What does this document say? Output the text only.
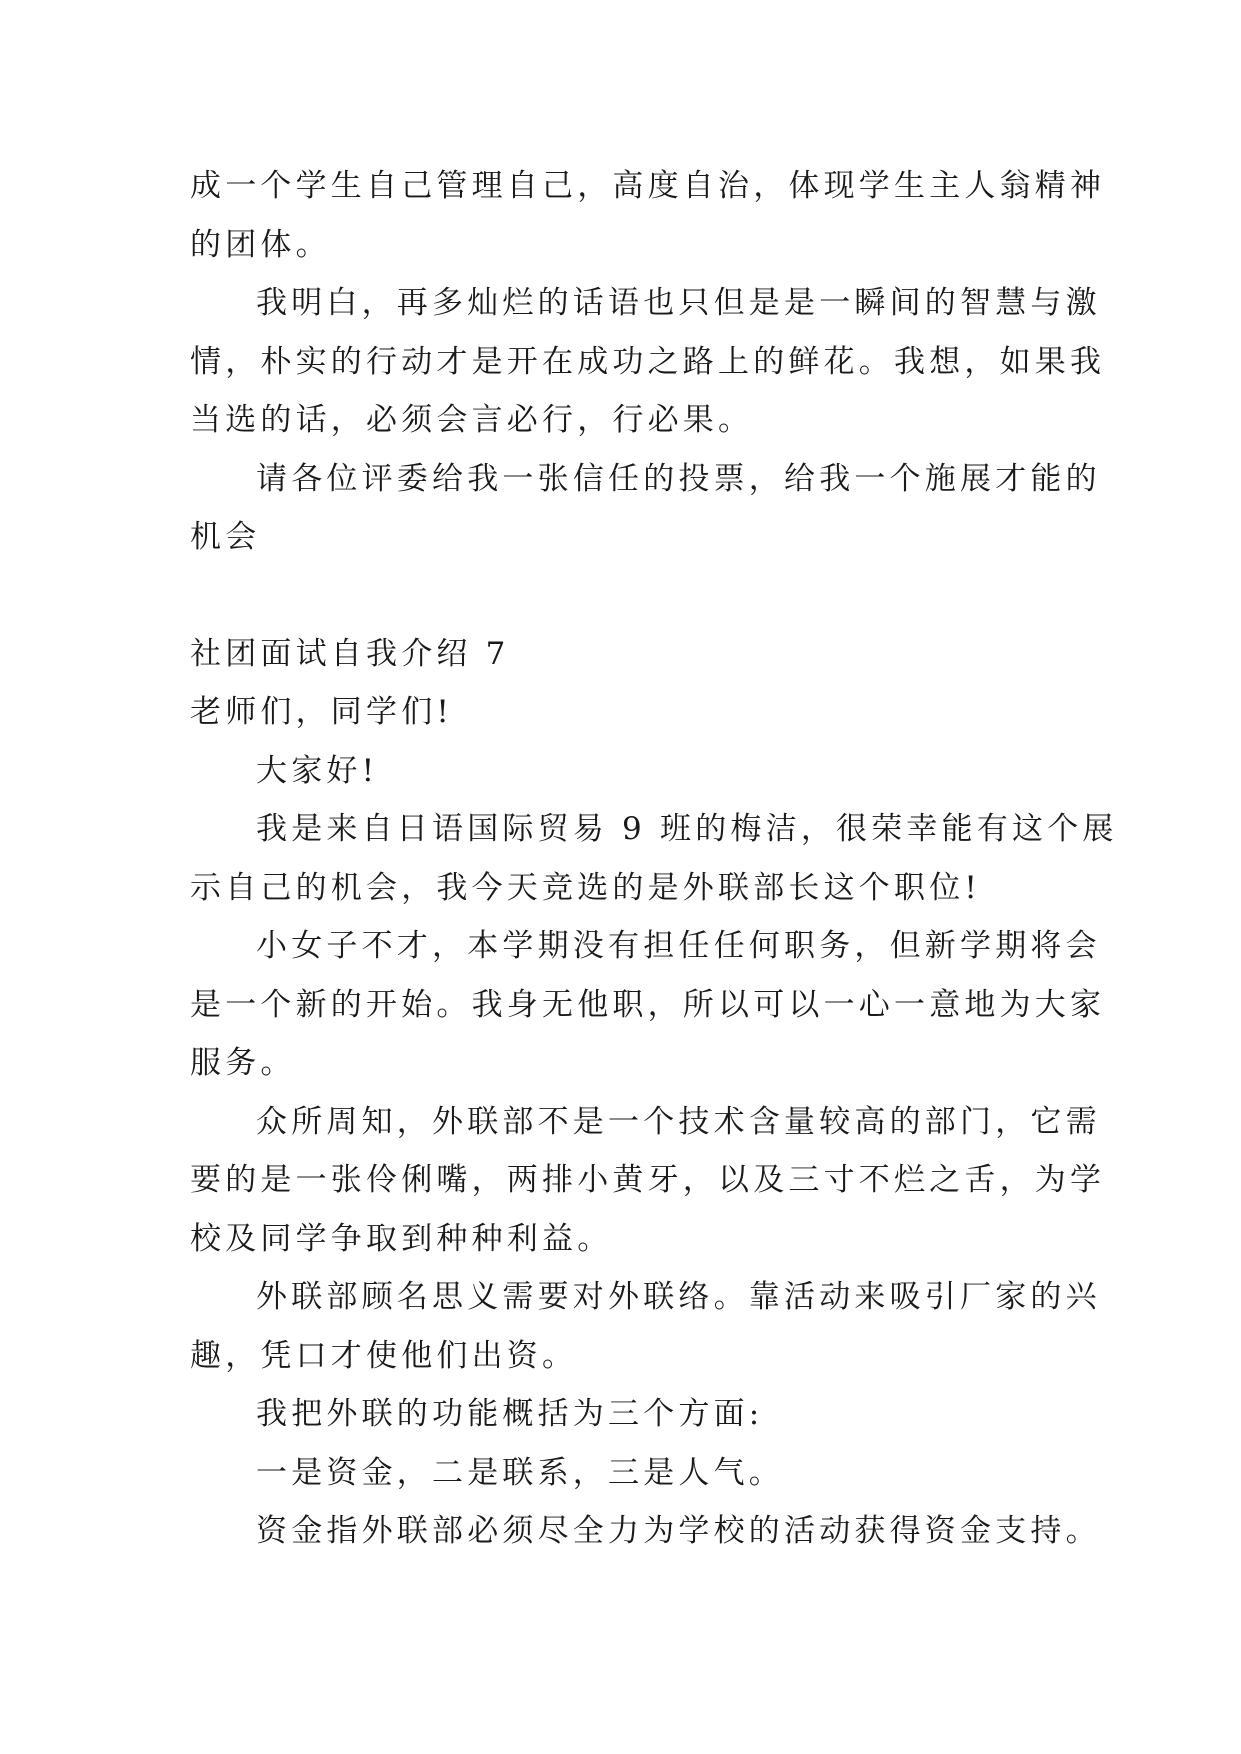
成一个学生自己管理自己，高度自治，体现学生主人翁精神
的团体。
我明白，再多灿烂的话语也只但是是一瞬间的智慧与激
情，朴实的行动才是开在成功之路上的鲜花。我想，如果我
当选的话，必须会言必行，行必果。
请各位评委给我一张信任的投票，给我一个施展才能的
机会
社团面试自我介绍 7
老师们，同学们!
大家好!
我是来自日语国际贸易 9 班的梅洁，很荣幸能有这个展
示自己的机会，我今天竞选的是外联部长这个职位!
小女子不才，本学期没有担任任何职务，但新学期将会
是一个新的开始。我身无他职，所以可以一心一意地为大家
服务。
众所周知，外联部不是一个技术含量较高的部门，它需
要的是一张伶俐嘴，两排小黄牙，以及三寸不烂之舌，为学
校及同学争取到种种利益。
外联部顾名思义需要对外联络。靠活动来吸引厂家的兴
趣，凭口才使他们出资。
我把外联的功能概括为三个方面:
一是资金，二是联系，三是人气。
资金指外联部必须尽全力为学校的活动获得资金支持。
